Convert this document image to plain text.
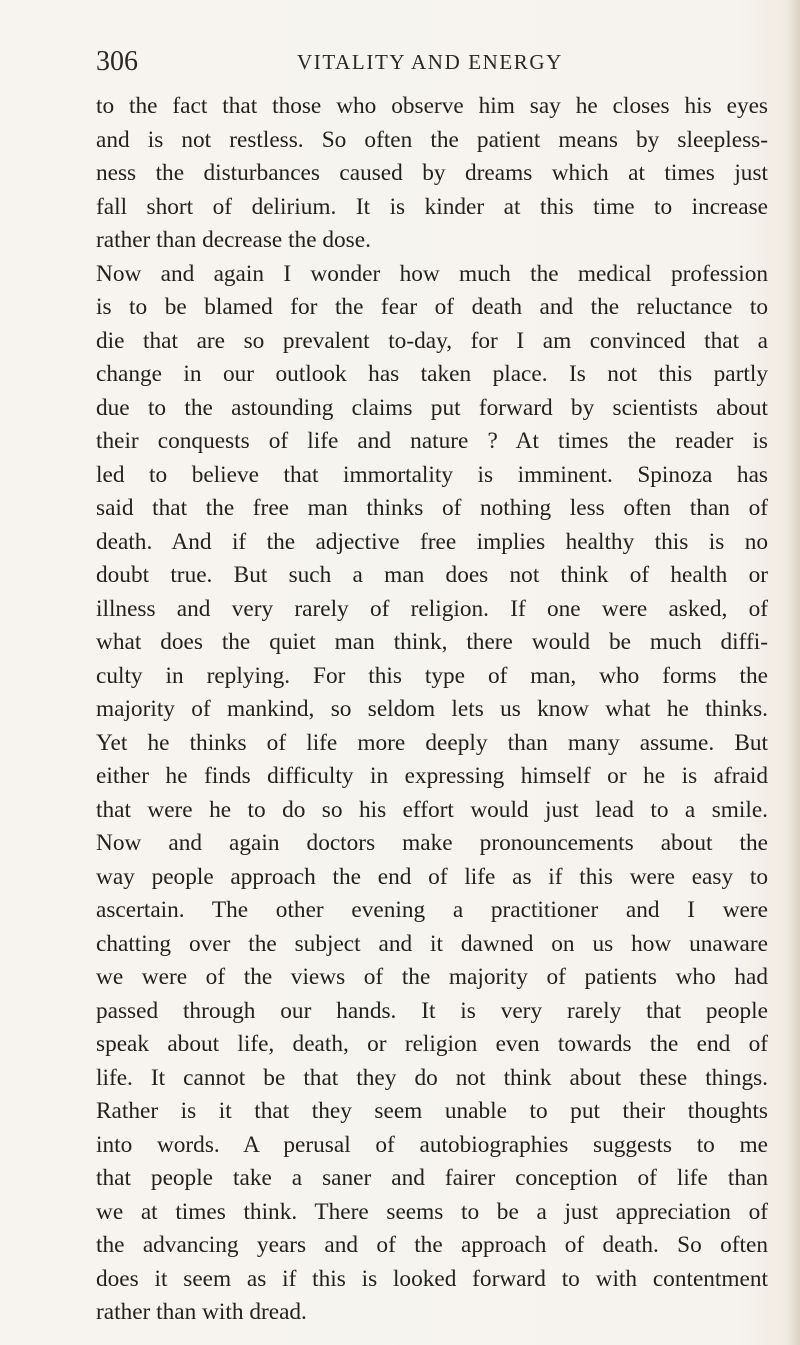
306	VITALITY AND ENERGY
to the fact that those who observe him say he closes his eyes
and is not restless. So often the patient means by sleepless-
ness the disturbances caused by dreams which at times just
fall short of delirium. It is kinder at this time to increase
rather than decrease the dose.
Now and again I wonder how much the medical profession
is to be blamed for the fear of death and the reluctance to
die that are so prevalent to-day, for I am convinced that a
change in our outlook has taken place. Is not this partly
due to the astounding claims put forward by scientists about
their conquests of life and nature ? At times the reader is
led to believe that immortality is imminent. Spinoza has
said that the free man thinks of nothing less often than of
death. And if the adjective free implies healthy this is no
doubt true. But such a man does not think of health or
illness and very rarely of religion. If one were asked, of
what does the quiet man think, there would be much diffi-
culty in replying. For this type of man, who forms the
majority of mankind, so seldom lets us know what he thinks.
Yet he thinks of life more deeply than many assume. But
either he finds difficulty in expressing himself or he is afraid
that were he to do so his effort would just lead to a smile.
Now and again doctors make pronouncements about the
way people approach the end of life as if this were easy to
ascertain. The other evening a practitioner and I were
chatting over the subject and it dawned on us how unaware
we were of the views of the majority of patients who had
passed through our hands. It is very rarely that people
speak about life, death, or religion even towards the end of
life. It cannot be that they do not think about these things.
Rather is it that they seem unable to put their thoughts
into words. A perusal of autobiographies suggests to me
that people take a saner and fairer conception of life than
we at times think. There seems to be a just appreciation of
the advancing years and of the approach of death. So often
does it seem as if this is looked forward to with contentment
rather than with dread.
